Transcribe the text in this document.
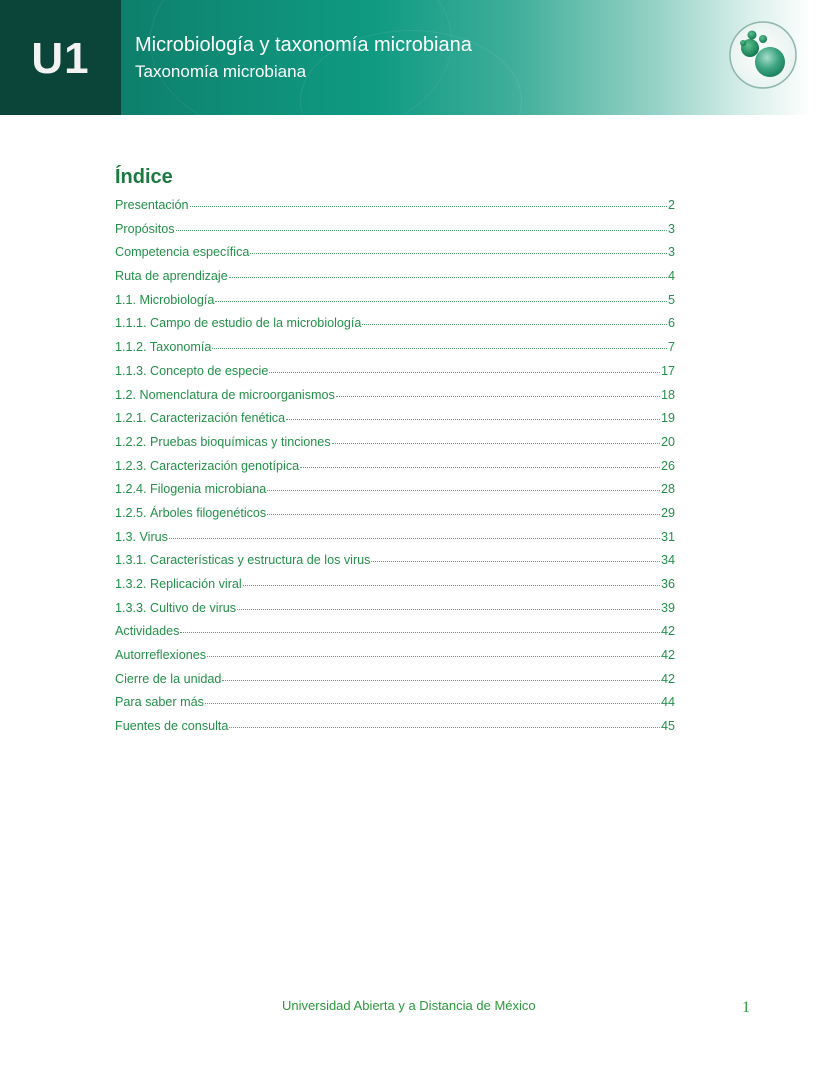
U1 Microbiología y taxonomía microbiana
Taxonomía microbiana
Índice
Presentación	2
Propósitos	3
Competencia específica	3
Ruta de aprendizaje	4
1.1. Microbiología	5
1.1.1. Campo de estudio de la microbiología	6
1.1.2. Taxonomía	7
1.1.3. Concepto de especie	17
1.2. Nomenclatura de microorganismos	18
1.2.1. Caracterización fenética	19
1.2.2. Pruebas bioquímicas y tinciones	20
1.2.3. Caracterización genotípica	26
1.2.4. Filogenia microbiana	28
1.2.5. Árboles filogenéticos	29
1.3. Virus	31
1.3.1. Características y estructura de los virus	34
1.3.2. Replicación viral	36
1.3.3. Cultivo de virus	39
Actividades	42
Autorreflexiones	42
Cierre de la unidad	42
Para saber más	44
Fuentes de consulta	45
Universidad Abierta y a Distancia de México	1
